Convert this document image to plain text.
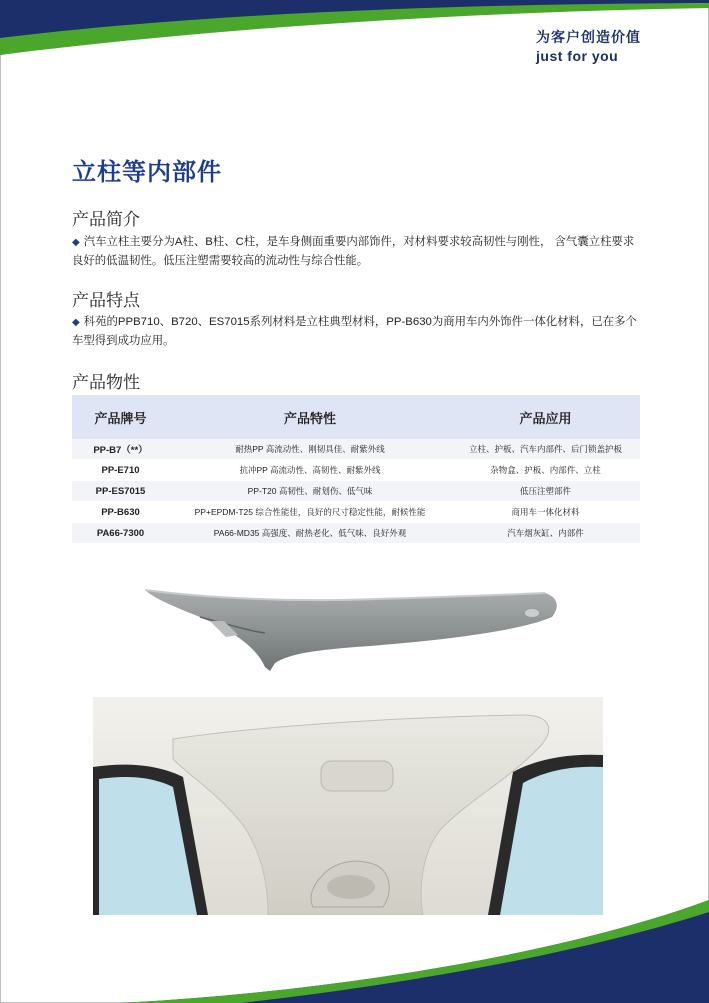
为客户创造价值
just for you
立柱等内部件
产品简介

◆ 汽车立柱主要分为A柱、B柱、C柱，是车身侧面重要内部饰件，对材料要求较高韧性与刚性， 含气囊立柱要求良好的低温韧性。低压注塑需要较高的流动性与综合性能。

产品特点

◆ 科苑的PPB710、B720、ES7015系列材料是立柱典型材料，PP-B630为商用车内外饰件一体化材料，已在多个车型得到成功应用。

产品物性
产品牌号	产品特性	产品应用
PP-B7（**）	耐热PP 高流动性、刚韧具佳、耐紫外线	立柱、护板、汽车内部件、后门锁盖护板
PP-E710	抗冲PP 高流动性、高韧性、耐紫外线	杂物盒、护板、内部件、立柱
PP-ES7015	PP-T20 高韧性、耐划伤、低气味	低压注塑部件
PP-B630	PP+EPDM-T25 综合性能佳，良好的尺寸稳定性能，耐候性能	商用车一体化材料
PA66-7300	PA66-MD35 高强度、耐热老化、低气味、良好外观	汽车烟灰缸、内部件
